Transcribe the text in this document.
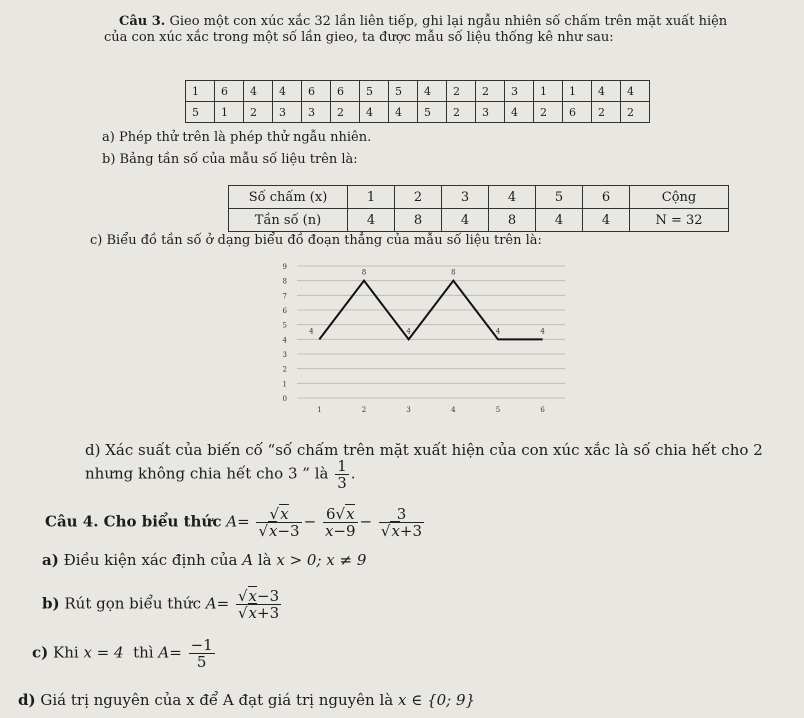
Câu 3. Gieo một con xúc xắc 32 lần liên tiếp, ghi lại ngẫu nhiên số chấm trên mặt xuất hiện
của con xúc xắc trong một số lần gieo, ta được mẫu số liệu thống kê như sau:
1	6	4	4	6	6	5	5	4	2	2	3	1	1	4	4
5	1	2	3	3	2	4	4	5	2	3	4	2	6	2	2
a) Phép thử trên là phép thử ngẫu nhiên.
b) Bảng tần số của mẫu số liệu trên là:
Số chấm (x)	1	2	3	4	5	6	Cộng
Tần số (n)	4	8	4	8	4	4	N = 32
c) Biểu đồ tần số ở dạng biểu đồ đoạn thẳng của mẫu số liệu trên là:
0
1
2
3
4
5
6
7
8
9
1	2	3	4	5	6
4
8
4
8
4	4
d) Xác suất của biến cố “số chấm trên mặt xuất hiện của con xúc xắc là số chia hết cho 2
nhưng không chia hết cho 3 ” là $\frac{1}{3}$ .
Câu 4. Cho biểu thức $A= \frac{√x}{√x-3} - \frac{6√x}{x-9} - \frac{3}{√x+3}$
a) Điều kiện xác định của A là x > 0; x ≠ 9
b) Rút gọn biểu thức $A= \frac{√x-3}{√x+3}$
c) Khi x = 4 thì $A= \frac{-1}{5}$
d) Giá trị nguyên của x để A đạt giá trị nguyên là x ∈ {0; 9}
